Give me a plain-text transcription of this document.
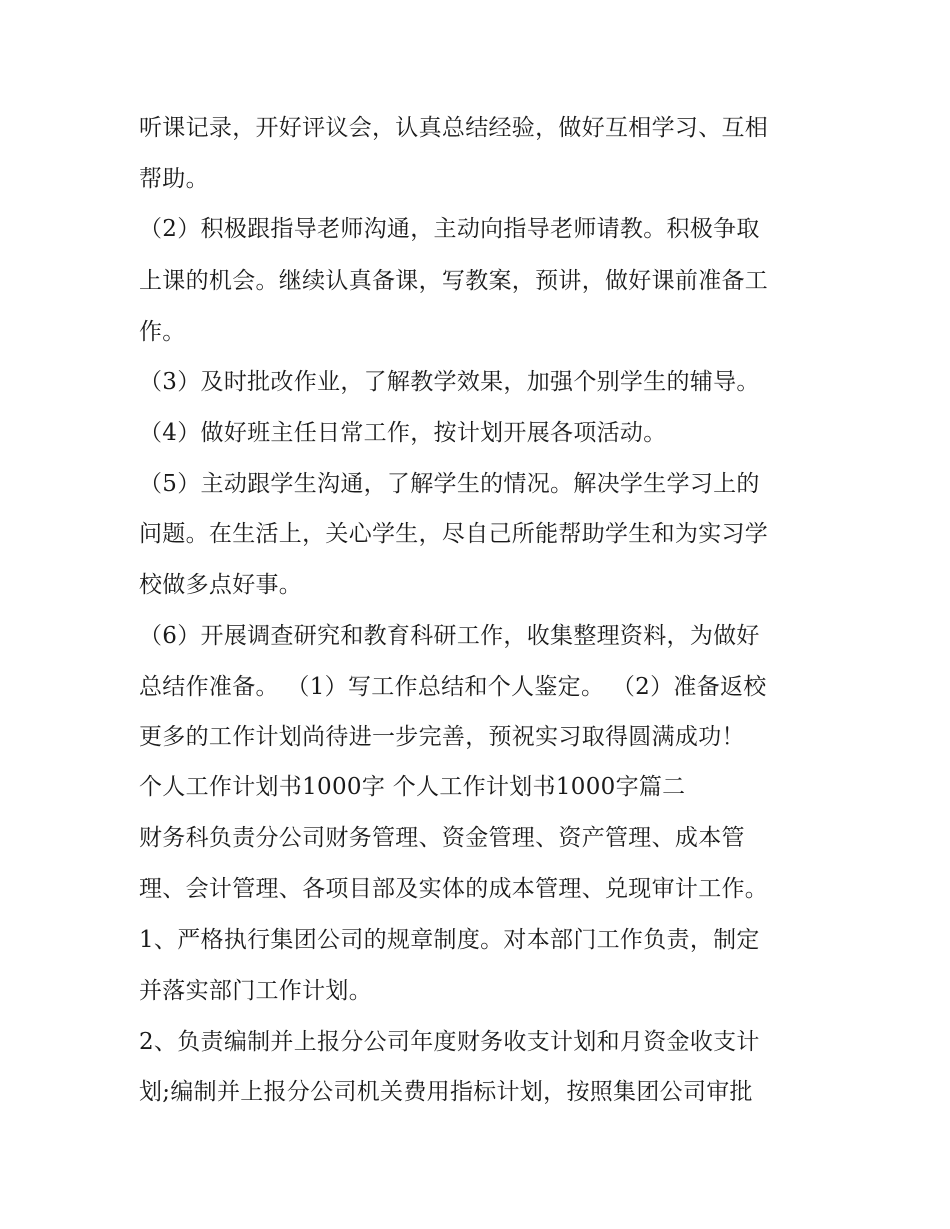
听课记录，开好评议会，认真总结经验，做好互相学习、互相

帮助。

（2）积极跟指导老师沟通，主动向指导老师请教。积极争取

上课的机会。继续认真备课，写教案，预讲，做好课前准备工

作。

（3）及时批改作业，了解教学效果，加强个别学生的辅导。

（4）做好班主任日常工作，按计划开展各项活动。

（5）主动跟学生沟通，了解学生的情况。解决学生学习上的

问题。在生活上，关心学生，尽自己所能帮助学生和为实习学

校做多点好事。

（6）开展调查研究和教育科研工作，收集整理资料，为做好

总结作准备。 （1）写工作总结和个人鉴定。 （2）准备返校

更多的工作计划尚待进一步完善，预祝实习取得圆满成功！

个人工作计划书1000字 个人工作计划书1000字篇二

财务科负责分公司财务管理、资金管理、资产管理、成本管

理、会计管理、各项目部及实体的成本管理、兑现审计工作。

1、严格执行集团公司的规章制度。对本部门工作负责，制定

并落实部门工作计划。

2、负责编制并上报分公司年度财务收支计划和月资金收支计

划;编制并上报分公司机关费用指标计划，按照集团公司审批
